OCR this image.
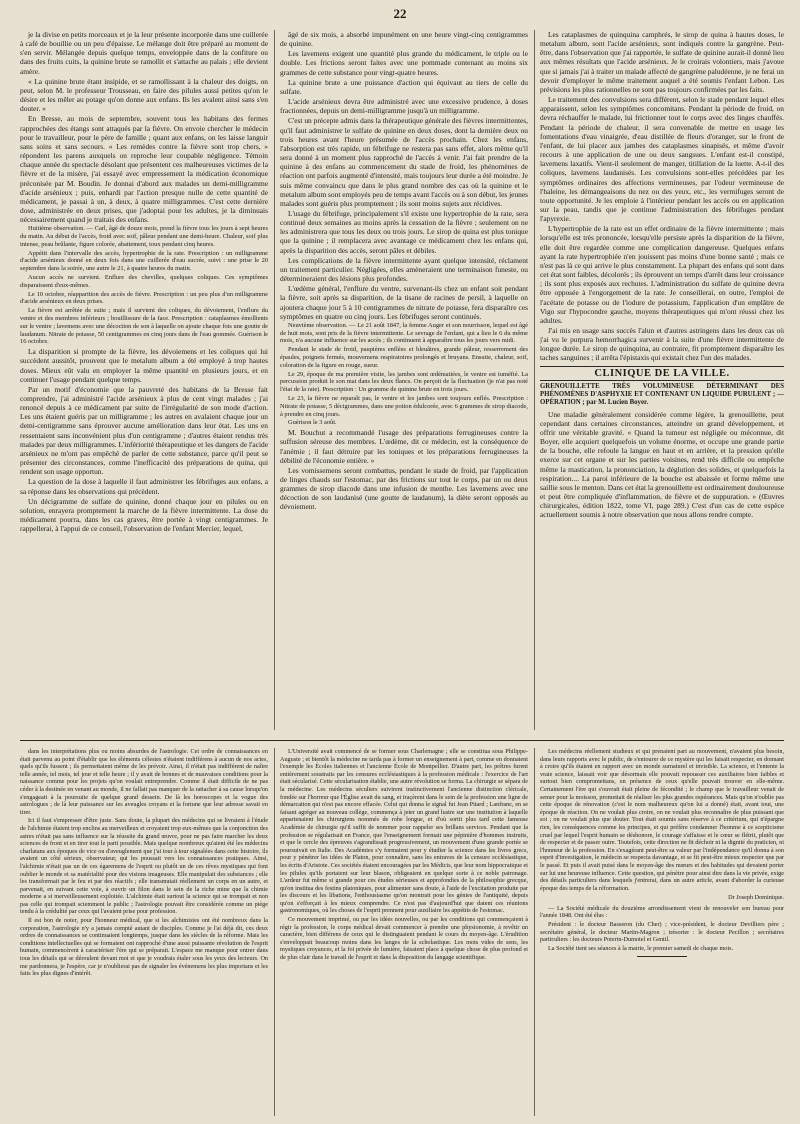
22

je la divise en petits morceaux et je la leur présente incorporée dans une cuillerée à café de bouillie ou un peu d'épaisse. Le mélange doit être préparé au moment de s'en servir. Mélangée depuis quelque temps, enveloppée dans de la confiture ou dans des fruits cuits, la quinine brute se ramollit et s'attache au palais ; elle devient amère.

« La quinine brute étant insipide, et se ramollissant à la chaleur des doigts, on peut, selon M. le professeur Trousseau, en faire des pilules aussi petites qu'on le désire et les mêler au potage qu'on donne aux enfans. Ils les avalent ainsi sans s'en douter. »

En Bresse, au mois de septembre, souvent tous les habitans des fermes rapprochées des étangs sont attaqués par la fièvre. On envoie chercher le médecin pour le travailleur, pour le père de famille ; quant aux enfans, on les laisse languir sans soins et sans secours. « Les remèdes contre la fièvre sont trop chers, » répondent les parens auxquels on reproche leur coupable négligence. Témoin chaque année du spectacle désolant que présentent ces malheureuses victimes de la fièvre et de la misère, j'ai essayé avec empressement la médication économique préconisée par M. Boudin. Je donnai d'abord aux malades un demi-milligramme d'acide arsénieux ; puis, enhardi par l'action presque nulle de cette quantité de médicament, je passai à un, à deux, à quatre milligrammes. C'est cette dernière dose, administrée en deux prises, que j'adoptai pour les adultes, je la diminuais nécessairement quand je traitais des enfans.

Huitième observation. — Carl, âgé de douze mois, prend la fièvre tous les jours à sept heures du matin. Au début de l'accès, froid avec soif, pâleur pendant une demi-heure. Chaleur, soif plus intense, peau brûlante, figure colorée, abattement, toux pendant cinq heures.

Appétit dans l'intervalle des accès, hypertrophie de la rate. Prescription : un milligramme d'acide arsénieux donné en deux fois dans une cuillerée d'eau sucrée, suivi : une prise le 20 septembre dans la soirée, une autre le 21, à quatre heures du matin.

Aucun accès ne survient. Enflure des chevilles, quelques coliques. Ces symptômes disparaissent d'eux-mêmes.

Le 10 octobre, réapparition des accès de fièvre. Prescription : un peu plus d'un milligramme d'acide arsénieux en deux prises.

La fièvre est arrêtée de suite ; mais il survient des coliques, du dévoiement, l'enflure du ventre et des membres inférieurs ; bouillissure de la face. Prescription : cataplasmes émollients sur le ventre ; lavemens avec une décoction de son à laquelle on ajoute chaque fois une goutte de laudanum. Nitrate de potasse, 50 centigrammes en cinq jours dans de l'eau gommée. Guérison le 16 octobre.

La disparition si prompte de la fièvre, les dévoiemens et les coliques qui lui succèdent aussitôt, prouvent que le metalum album a été employé à trop hautes doses. Mieux eût valu en employer la même quantité en plusieurs jours, et en continuer l'usage pendant quelque temps.

Par un motif d'économie que la pauvreté des habitans de la Bresse fait comprendre, j'ai administré l'acide arsénieux à plus de cent vingt malades ; j'ai renoncé depuis à ce médicament par suite de l'irrégularité de son mode d'action. Les uns étaient guéris par un milligramme ; les autres en avalaient chaque jour un demi-centigramme sans éprouver aucune amélioration dans leur état. Les uns en ressentaient sans inconvénient plus d'un centigramme ; d'autres étaient rendus très malades par deux milligrammes. L'infériorité thérapeutique et les dangers de l'acide arsénieux ne m'ont pas empêché de parler de cette substance, parce qu'il peut se présenter des circonstances, comme l'inefficacité des préparations de quina, qui rendent son usage opportun.

La question de la dose à laquelle il faut administrer les fébrifuges aux enfans, a sa réponse dans les observations qui précèdent.

Un décigramme de sulfate de quinine, donné chaque jour en pilules ou en solution, enrayera promptement la marche de la fièvre intermittente. La dose du médicament pourra, dans les cas graves, être portée à vingt centigrammes. Je rappellerai, à l'appui de ce conseil, l'observation de l'enfant Mercier, lequel,

âgé de six mois, a absorbé impunément en une heure vingt-cinq centigrammes de quinine.

Les lavemens exigent une quantité plus grande du médicament, le triple ou le double. Les frictions seront faites avec une pommade contenant au moins six grammes de cette substance pour vingt-quatre heures.

La quinine brute a une puissance d'action qui équivaut au tiers de celle du sulfate.

L'acide arsénieux devra être administré avec une excessive prudence, à doses fractionnées, depuis un demi-milligramme jusqu'à un milligramme.

C'est un précepte admis dans la thérapeutique générale des fièvres intermittentes, qu'il faut administrer le sulfate de quinine en deux doses, dont la dernière deux ou trois heures avant l'heure présumée de l'accès prochain. Chez les enfans, l'absorption est très rapide, un fébrifuge ne restera pas sans effet, alors même qu'il sera donné à un moment plus rapproché de l'accès à venir. J'ai fait prendre de la quinine à des enfans au commencement du stade de froid, les phénomènes de réaction ont parfois augmenté d'intensité, mais toujours leur durée a été moindre. Je suis même convaincu que dans le plus grand nombre des cas où la quinine et le metalum album sont employés peu de temps avant l'accès ou à son début, les jeunes malades sont guéris plus promptement ; ils sont moins sujets aux récidives.

L'usage du fébrifuge, principalement s'il existe une hypertrophie de la rate, sera continué deux semaines au moins après la cessation de la fièvre ; seulement on ne les administrera que tous les deux ou trois jours. Le sirop de quina est plus tonique que la quinine ; il remplacera avec avantage ce médicament chez les enfans qui, après la disparition des accès, seront pâles et débiles.

Les complications de la fièvre intermittente ayant quelque intensité, réclament un traitement particulier. Négligées, elles amèneraient une terminaison funeste, ou détermineraient des lésions plus profondes.

L'œdème général, l'enflure du ventre, survenant-ils chez un enfant soit pendant la fièvre, soit après sa disparition, de la tisane de racines de persil, à laquelle on ajoutera chaque jour 5 à 10 centigrammes de nitrate de potasse, fera disparaître ces symptômes en quatre ou cinq jours. Les fébrifuges seront continués.

Neuvième observation. — Le 21 août 1847, la femme Auger et son nourrisson, lequel est âgé de huit mois, sont pris de la fièvre intermittente. Le sevrage de l'enfant, qui a lieu le 6 du même mois, n'a aucune influence sur les accès ; ils continuent à apparaître tous les jours vers midi.

Pendant le stade de froid, paupières enflées et bleuâtres, grande pâleur, resserrement des épaules, poignets fermés, mouvemens respiratoires prolongés et bruyans. Ensuite, chaleur, soif, coloration de la figure en rouge, sueur.

Le 29, époque de ma première visite, les jambes sont œdématiées, le ventre est tuméfié. La percussion produit le son mat dans les deux flancs. On perçoit de la fluctuation (je n'ai pas noté l'état de la rate). Prescription : Un gramme de quinine brute en trois jours.

Le 23, la fièvre ne reparaît pas, le ventre et les jambes sont toujours enflés. Prescription : Nitrate de potasse, 5 décigrammes, dans une potion édulcorée, avec 6 grammes de sirop diacode, à prendre en cinq jours.

Guérison le 3 août.

M. Bouchut a recommandé l'usage des préparations ferrugineuses contre la suffusion séreuse des membres. L'œdème, dit ce médecin, est la conséquence de l'anémie ; il faut détruire par les toniques et les préparations ferrugineuses la débilité de l'économie entière. »

Les vomissemens seront combattus, pendant le stade de froid, par l'application de linges chauds sur l'estomac, par des frictions sur tout le corps, par un ou deux grammes de sirop diacode dans une infusion de menthe. Les lavemens avec une décoction de son laudanisé (une goutte de laudanum), la diète seront opposés au dévoiement.

Les cataplasmes de quinquina camphrés, le sirop de quina à hautes doses, le metalum album, sont l'acide arsénieux, sont indiqués contre la gangrène. Peut-être, dans l'observation que j'ai rapportée, le sulfate de quinine aurait-il donné lieu aux mêmes résultats que l'acide arsénieux. Je le croirais volontiers, mais j'avoue que si jamais j'ai à traiter un malade affecté de gangrène paludéenne, je ne ferai un devoir d'employer le même traitement auquel a été soumis l'enfant Lebon. Les prévisions les plus rationnelles ne sont pas toujours confirmées par les faits.

Le traitement des convulsions sera différent, selon le stade pendant lequel elles apparaissent, selon les symptômes concomitans. Pendant la période de froid, on devra réchauffer le malade, lui frictionner tout le corps avec des linges chauffés. Pendant la période de chaleur, il sera convenable de mettre en usage les fomentations d'eau vinaigrée, d'eau distillée de fleurs d'oranger, sur le front de l'enfant, de lui placer aux jambes des cataplasmes sinapisés, et même d'avoir recours à une application de une ou deux sangsues. L'enfant est-il constipé, lavemens laxatifs. Vient-il seulement de manger, titillation de la luette. A-t-il des coliques, lavemens laudanisés. Les convulsions sont-elles précédées par les symptômes ordinaires des affections vermineuses, par l'odeur vermineuse de l'haleine, les démangeaisons du nez ou des yeux, etc., les vermifuges seront de toute opportunité. Je les emploie à l'intérieur pendant les accès ou en application sur la peau, tandis que je continue l'administration des fébrifuges pendant l'apyrexie.

L'hypertrophie de la rate est un effet ordinaire de la fièvre intermittente ; mais lorsqu'elle est très prononcée, lorsqu'elle persiste après la disparition de la fièvre, elle doit être regardée comme une complication dangereuse. Quelques enfans ayant la rate hypertrophiée n'en jouissent pas moins d'une bonne santé ; mais ce n'est pas là ce qui arrive le plus constamment. La plupart des enfans qui sont dans cet état sont faibles, décolorés ; ils éprouvent un temps d'arrêt dans leur croissance ; ils sont plus exposés aux rechutes. L'administration du sulfate de quinine devra être opposée à l'engorgement de la rate. Je conseillerai, en outre, l'emploi de l'acétate de potasse ou de l'iodure de potassium, l'application d'un emplâtre de Vigo sur l'hypocondre gauche, moyens thérapeutiques qui m'ont réussi chez les adultes.

J'ai mis en usage sans succès l'alun et d'autres astringens dans les deux cas où j'ai vu le purpura hemorrhagica survenir à la suite d'une fièvre intermittente de longue durée. Le sirop de quinquina, au contraire, fit promptement disparaître les taches sanguines ; il arrêta l'épistaxis qui existait chez l'un des malades.

CLINIQUE DE LA VILLE.
GRENOUILLETTE TRÈS VOLUMINEUSE DÉTERMINANT DES PHÉNOMÈNES D'ASPHYXIE ET CONTENANT UN LIQUIDE PURULENT ; — OPÉRATION ; par M. Lucien Boyer.

Une maladie généralement considérée comme légère, la grenouillette, peut cependant dans certaines circonstances, atteindre un grand développement, et offrir une véritable gravité. « Quand la tumeur est négligée ou méconnue, dit Boyer, elle acquiert quelquefois un volume énorme, et occupe une grande partie de la bouche, elle refoule la langue en haut et en arrière, et la pression qu'elle exerce sur cet organe et sur les parties voisines, rend très difficile ou empêche même la mastication, la prononciation, la déglution des solides, et quelquefois la respiration.... La paroi inférieure de la bouche est abaissée et forme même une saillie sous le menton. Dans cet état la grenouillette est ordinairement douloureuse et peut être compliquée d'inflammation, de fièvre et de suppuration. » (Œuvres chirurgicales, édition 1822, tome VI, page 289.) C'est d'un cas de cette espèce actuellement soumis à notre observation que nous allons rendre compte.

dans les interprétations plus ou moins absurdes de l'astrologie. Cet ordre de connaissances en était parvenu au point d'établir que les éléments célestes n'étaient indifférens à aucun de nos actes, quels qu'ils fussent ; ils permettaient même de les prévoir. Ainsi, il n'était pas indifférent de naître telle année, tel mois, tel jour et telle heure ; il y avait de bonnes et de mauvaises conditions pour la naissance comme pour les projets qu'on voulait entreprendre. Comme il était difficile de ne pas céder à la destinée en venant au monde, il ne fallait pas manquer de la rattacher à sa cause lorsqu'on s'engageait à la poursuite de quelque grand dessein. De là les horoscopes et la vogue des astrologues ; de là leur puissance sur les aveugles croyans et la fortune que leur adresse savait en tirer.

Ici il faut s'empresser d'être juste. Sans doute, la plupart des médecins qui se livraient à l'étude de l'alchimie étaient trop enclins au merveilleux et croyaient trop eux-mêmes que la conjonction des astres n'était pas sans influence sur la réussite du grand œuvre, pour ne pas faire marcher les deux sciences de front et en tirer tout le parti possible. Mais quelque nombreux qu'aient été les médecins charlatans aux époques de vice ou d'aveuglement que j'ai tour à tour signalées dans cette histoire, ils avaient un côté sérieux, observateur, qui les poussait vers les connaissances pratiques. Ainsi, l'alchimie n'était pas un de ces égaremens de l'esprit ou plutôt un de ces rêves mystiques qui font oublier le monde et sa matérialité pour des visions imageuses. Elle manipulait des substances ; elle les transformait par le feu et par des réactifs ; elle transmutait réellement un corps en un autre, et parvenait, en suivant cette voie, à ouvrir un filon dans le sein de la riche mine que la chimie moderne a si merveilleusement exploitée. L'alchimie était surtout la science qui se trompait et non pas celle qui trompait sciemment le public ; l'astrologie pouvait être considérée comme un piège tendu à la crédulité par ceux qui l'avaient prise pour profession.

Il est bon de noter, pour l'honneur médical, que si les alchimistes ont été nombreux dans la corporation, l'astrologie n'y a jamais compté autant de disciples. Comme je l'ai déjà dit, ces deux ordres de connaissances se continuaient longtemps, jusque dans les siècles de la réforme. Mais les conditions intellectuelles qui se formaient ont rapproché d'une aussi puissante révolution de l'esprit humain, commencèrent à caractériser l'ère qui se préparait. L'espace me manque pour entrer dans tous les détails qui se déroulent devant moi et que je voudrais étaler sous les yeux des lecteurs. On me pardonnera, je l'espère, car je n'oublierai pas de signaler les événemens les plus importans et les faits les plus dignes d'intérêt.

L'Université avait commencé de se former sous Charlemagne ; elle se constitua sous Philippe-Auguste ; et bientôt la médecine ne tarda pas à former un enseignement à part, comme en donnaient l'exemple les Écoles italiennes et l'ancienne École de Montpellier. D'autre part, les prêtres furent entièrement soustraits par les censures ecclésiastiques à la profession médicale : l'exercice de l'art était sécularisé. Cette sécularisation établie, une autre révolution se forma. La chirurgie se sépara de la médecine. Les médecins séculiers suivirent instinctivement l'ancienne distinction cléricale, fondée sur l'horreur que l'Église avait du sang, et traçèrent dans le sein de la profession une ligne de démarcation qui n'est pas encore effacée. Celui qui donna le signal fut Jean Pitard ; Lanfranc, en se faisant agréger au nouveau collège, commença à jeter un grand lustre sur une institution à laquelle appartenaient les chirurgiens nommés de robe longue, et d'où sortit plus tard cette fameuse Académie de chirurgie qu'il suffit de nommer pour rappeler ses brillans services. Pendant que la profession se régularisait en France, que l'enseignement formait une pépinière d'hommes instruits, et que le cercle des épreuves s'agrandissait progressivement, un mouvement d'une grande portée se poursuivait en Italie. Des Académies s'y formaient pour y étudier la science dans les livres grecs, pour y pénétrer les idées de Platon, pour connaître, sans les entraves de la censure ecclésiastique, les écrits d'Aristote. Ces sociétés étaient encouragées par les Médicis, que leur nom hippocratique et les pilules qu'ils portaient sur leur blason, obligeaient en quelque sorte à ce noble patronage. L'ardeur fut même si grande pour ces études sérieuses et approfondies de la philosophie grecque, qu'on institua des festins platoniques, pour alimenter sans doute, à l'aide de l'excitation produite par les discours et les libations, l'enthousiasme qu'on montrait pour les génies de l'antiquité, depuis qu'on s'efforçait à les mieux comprendre. Ce n'est pas d'aujourd'hui que datent ces réunions gastronomiques, où les choses de l'esprit prennent pour auxiliaire les appétits de l'estomac.

Ce mouvement imprimé, ou par les idées nouvelles, ou par les conditions qui commençaient à régir la profession, le corps médical devait commencer à prendre une physionomie, à revêtir un caractère, bien différens de ceux qui le distinguaient pendant le cours du moyen-âge. L'érudition s'enveloppait beaucoup moins dans les langes de la scholastique. Les mots vides de sens, les mystiques croyances, et la foi privée de lumière, faisaient place à quelque chose de plus profond et de plus clair dans le travail de l'esprit et dans la disposition du langage scientifique.

Les médecins réellement studieux et qui prenaient part au mouvement, n'avaient plus besoin, dans leurs rapports avec le public, de s'entourer de ce mystère qui les faisait respecter, en donnant à croire qu'ils étaient en rapport avec un monde surnaturel et invisible. La science, et l'entente la vraie science, laissait voir que désormais elle pouvait repousser ces auxiliaires bien faibles et surtout bien compromettans, en présence de ceux qu'elle pouvait trouver en elle-même. Certainement l'ère qui s'ouvrait était pleine de fécondité ; le champ que le travailleur venait de semer pour la moisson, promettait de réaliser les plus grandes espérances. Mais qu'on n'oublie pas cette époque de rénovation (c'est le nom malheureux qu'on lui a donné) était, avant tout, une époque de réaction. On ne voulait plus croire, on ne voulait plus reconnaître de plus puissant que soi ; on ne voulait plus que douter. Tout était soumis sans réserve à ce critérium, qui n'épargne rien, les conséquences comme les principes, et qui préfère condamner l'homme à ce scepticisme cruel par lequel l'esprit humain se déshonore, le courage s'affaisse et le cœur se flétrit, plutôt que de respecter et de passer outre. Toutefois, cette direction ne fit déchoir ni la dignité du praticien, ni l'honneur de la profession. En s'exagérant peut-être sa valeur par l'indépendance qu'il donna à son esprit d'investigation, le médecin se respecta davantage, et se fit peut-être mieux respecter que par le passé. Et puis il avait puisé dans le moyen-âge des mœurs et des habitudes qui devaient porter sur lui une heureuse influence. Cette question, qui pénètre pour ainsi dire dans la vie privée, exige des détails particuliers dans lesquels j'entrerai, dans un autre article, avant d'aborder la curieuse époque des temps de la réformation.

Dr Joseph Dominique.

— La Société médicale du douzième arrondissement vient de renouveler son bureau pour l'année 1848. Ont été élus :

Président : le docteur Basseron (du Cher) ; vice-président, le docteur Devilliers père ; secrétaire général, le docteur Martin-Magron ; trésorier : le docteur Pecillon ; secrétaires particuliers : les docteurs Poterin-Dumotel et Gentil.

La Société tient ses séances à la mairie, le premier samedi de chaque mois.
